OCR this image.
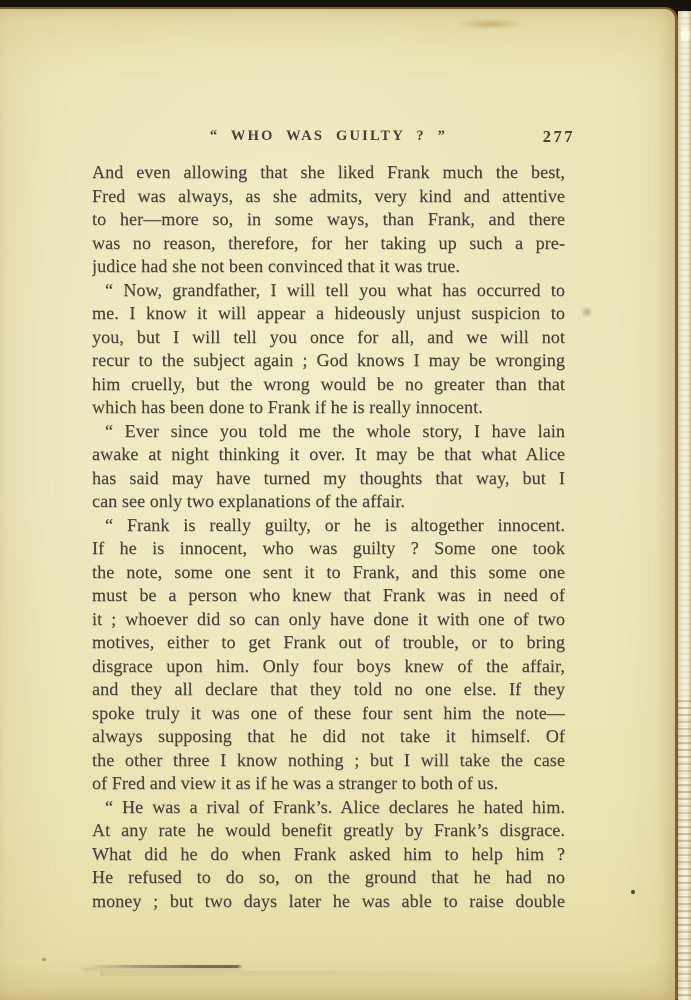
“ WHO WAS GUILTY ? ”	277
And even allowing that she liked Frank much the best,
Fred was always, as she admits, very kind and attentive
to her—more so, in some ways, than Frank, and there
was no reason, therefore, for her taking up such a pre-
judice had she not been convinced that it was true.
“ Now, grandfather, I will tell you what has occurred to
me. I know it will appear a hideously unjust suspicion to
you, but I will tell you once for all, and we will not
recur to the subject again ; God knows I may be wronging
him cruelly, but the wrong would be no greater than that
which has been done to Frank if he is really innocent.
“ Ever since you told me the whole story, I have lain
awake at night thinking it over. It may be that what Alice
has said may have turned my thoughts that way, but I
can see only two explanations of the affair.
“ Frank is really guilty, or he is altogether innocent.
If he is innocent, who was guilty ? Some one took
the note, some one sent it to Frank, and this some one
must be a person who knew that Frank was in need of
it ; whoever did so can only have done it with one of two
motives, either to get Frank out of trouble, or to bring
disgrace upon him. Only four boys knew of the affair,
and they all declare that they told no one else. If they
spoke truly it was one of these four sent him the note—
always supposing that he did not take it himself. Of
the other three I know nothing ; but I will take the case
of Fred and view it as if he was a stranger to both of us.
“ He was a rival of Frank’s. Alice declares he hated him.
At any rate he would benefit greatly by Frank’s disgrace.
What did he do when Frank asked him to help him ?
He refused to do so, on the ground that he had no
money ; but two days later he was able to raise double
